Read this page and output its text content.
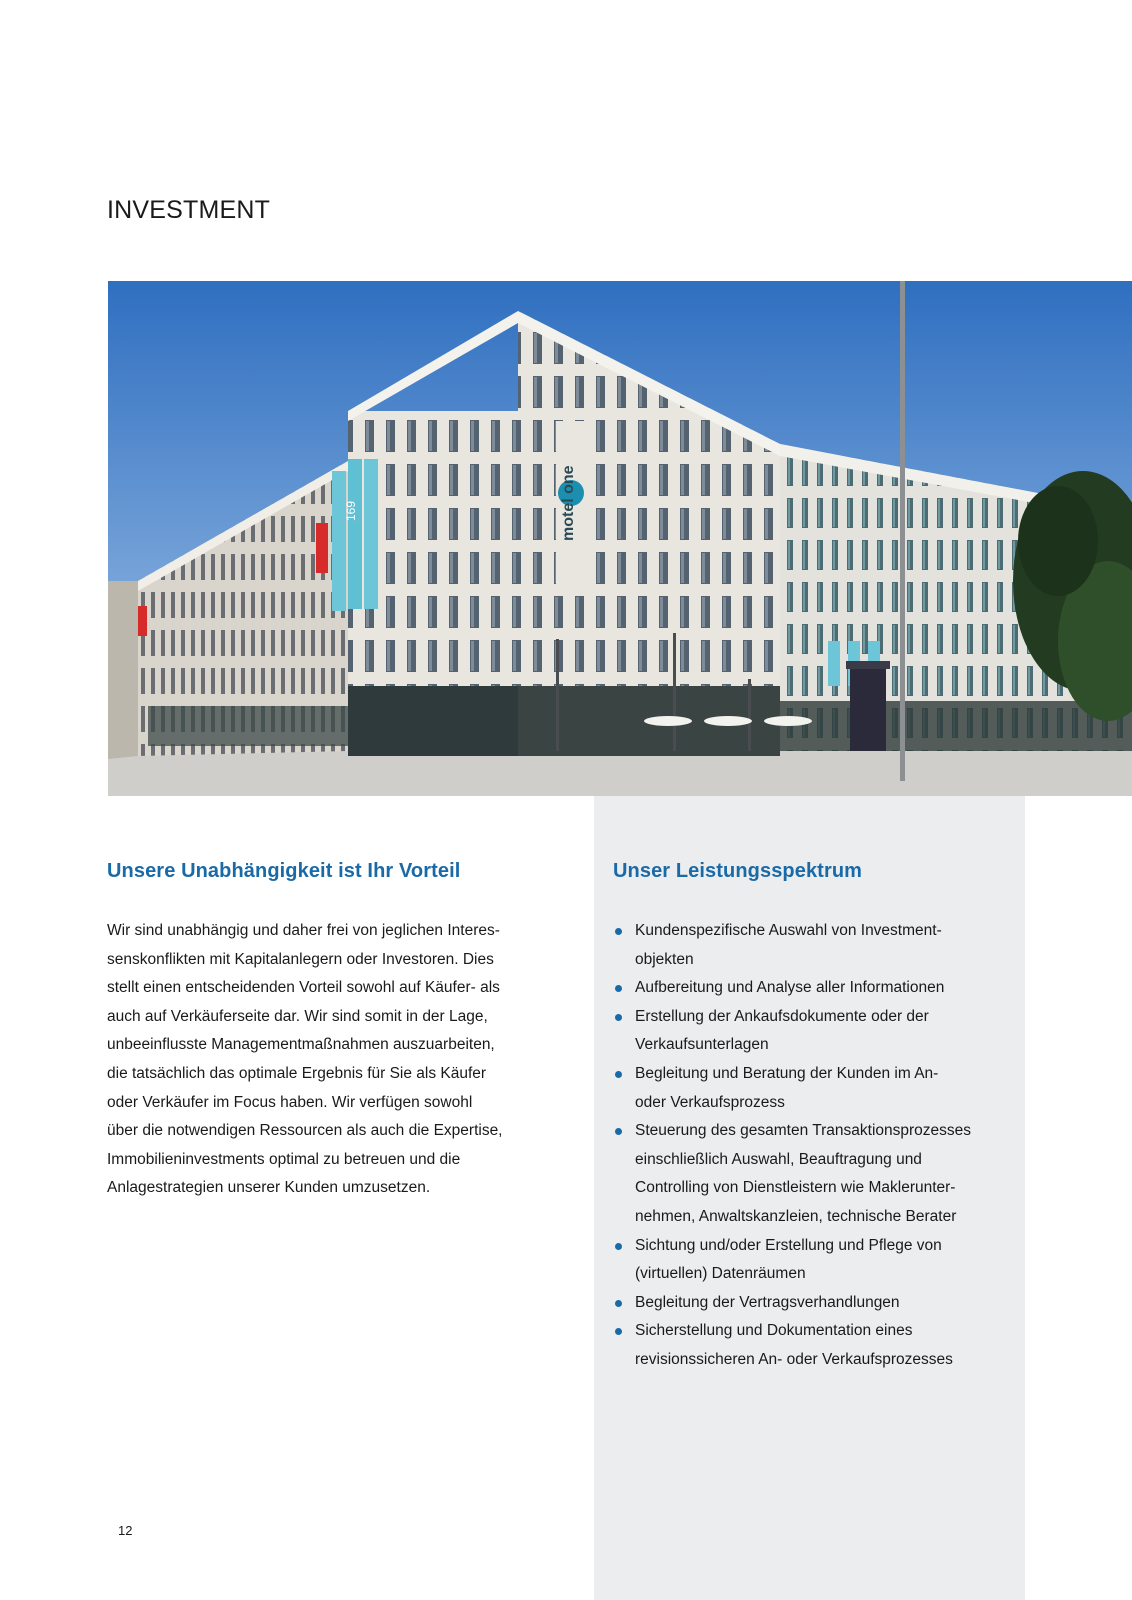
INVESTMENT
motel one
169
Unsere Unabhängigkeit ist Ihr Vorteil

Wir sind unabhängig und daher frei von jeglichen Interes-
senskonflikten mit Kapitalanlegern oder Investoren. Dies
stellt einen entscheidenden Vorteil sowohl auf Käufer- als
auch auf Verkäuferseite dar. Wir sind somit in der Lage,
unbeeinflusste Managementmaßnahmen auszuarbeiten,
die tatsächlich das optimale Ergebnis für Sie als Käufer
oder Verkäufer im Focus haben. Wir verfügen sowohl
über die notwendigen Ressourcen als auch die Expertise,
Immobilieninvestments optimal zu betreuen und die
Anlagestrategien unserer Kunden umzusetzen.

Unser Leistungsspektrum
Kundenspezifische Auswahl von Investment-
objekten
Aufbereitung und Analyse aller Informationen
Erstellung der Ankaufsdokumente oder der
Verkaufsunterlagen
Begleitung und Beratung der Kunden im An-
oder Verkaufsprozess
Steuerung des gesamten Transaktionsprozesses
einschließlich Auswahl, Beauftragung und
Controlling von Dienstleistern wie Maklerunter-
nehmen, Anwaltskanzleien, technische Berater
Sichtung und/oder Erstellung und Pflege von
(virtuellen) Datenräumen
Begleitung der Vertragsverhandlungen
Sicherstellung und Dokumentation eines
revisionssicheren An- oder Verkaufsprozesses
12
